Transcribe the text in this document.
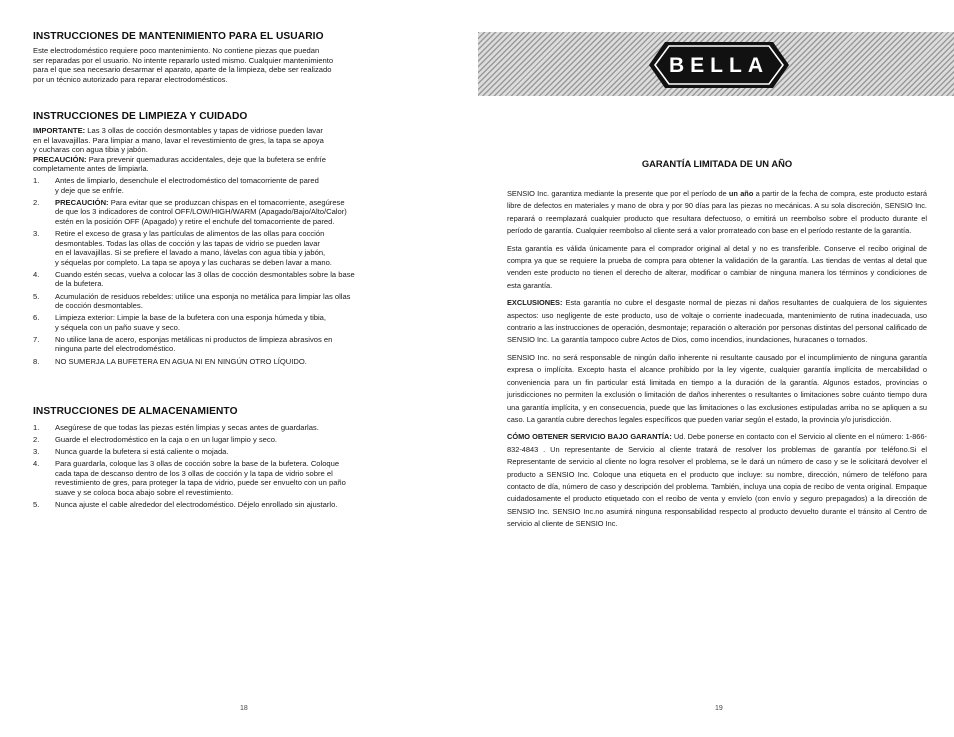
INSTRUCCIONES DE MANTENIMIENTO PARA EL USUARIO

Este electrodoméstico requiere poco mantenimiento. No contiene piezas que puedan

ser reparadas por el usuario. No intente repararlo usted mismo. Cualquier mantenimiento

para el que sea necesario desarmar el aparato, aparte de la limpieza, debe ser realizado

por un técnico autorizado para reparar electrodomésticos.

INSTRUCCIONES DE LIMPIEZA Y CUIDADO

IMPORTANTE: Las 3 ollas de cocción desmontables y tapas de vidriose pueden lavar

en el lavavajillas. Para limpiar a mano, lavar el revestimiento de gres, la tapa se apoya

y cucharas con agua tibia y jabón.

PRECAUCIÓN: Para prevenir quemaduras accidentales, deje que la bufetera se enfríe

completamente antes de limpiarla.

1. Antes de limpiarlo, desenchule el electrodoméstico del tomacorriente de pared
y deje que se enfríe.
2. PRECAUCIÓN: Para evitar que se produzcan chispas en el tomacorriente, asegúrese
de que los 3 indicadores de control OFF/LOW/HIGH/WARM (Apagado/Bajo/Alto/Calor)
estén en la posición OFF (Apagado) y retire el enchufe del tomacorriente de pared.
3. Retire el exceso de grasa y las partículas de alimentos de las ollas para cocción
desmontables. Todas las ollas de cocción y las tapas de vidrio se pueden lavar
en el lavavajillas. Si se prefiere el lavado a mano, lávelas con agua tibia y jabón,
y séquelas por completo. La tapa se apoya y las cucharas se deben lavar a mano.
4. Cuando estén secas, vuelva a colocar las 3 ollas de cocción desmontables sobre la base
de la bufetera.
5. Acumulación de residuos rebeldes: utilice una esponja no metálica para limpiar las ollas
de cocción desmontables.
6. Limpieza exterior: Limpie la base de la bufetera con una esponja húmeda y tibia,
y séquela con un paño suave y seco.
7. No utilice lana de acero, esponjas metálicas ni productos de limpieza abrasivos en
ninguna parte del electrodoméstico.
8. NO SUMERJA LA BUFETERA EN AGUA NI EN NINGÚN OTRO LÍQUIDO.
INSTRUCCIONES DE ALMACENAMIENTO
1. Asegúrese de que todas las piezas estén limpias y secas antes de guardarlas.
2. Guarde el electrodoméstico en la caja o en un lugar limpio y seco.
3. Nunca guarde la bufetera si está caliente o mojada.
4. Para guardarla, coloque las 3 ollas de cocción sobre la base de la bufetera. Coloque
cada tapa de descanso dentro de los 3 ollas de cocción y la tapa de vidrio sobre el
revestimiento de gres, para proteger la tapa de vidrio, puede ser envuelto con un paño
suave y se coloca boca abajo sobre el revestimiento.
5. Nunca ajuste el cable alrededor del electrodoméstico. Déjelo enrollado sin ajustarlo.
18
BELLA
GARANTÍA LIMITADA DE UN AÑO

SENSIO Inc. garantiza mediante la presente que por el período de un año a partir de la fecha de compra, este producto estará libre de defectos en materiales y mano de obra y por 90 días para las piezas no mecánicas. A su sola discreción, SENSIO Inc. reparará o reemplazará cualquier producto que resultara defectuoso, o emitirá un reembolso sobre el producto durante el período de garantía. Cualquier reembolso al cliente será a valor prorrateado con base en el período restante de la garantía.

Esta garantía es válida únicamente para el comprador original al detal y no es transferible. Conserve el recibo original de compra ya que se requiere la prueba de compra para obtener la validación de la garantía. Las tiendas de ventas al detal que venden este producto no tienen el derecho de alterar, modificar o cambiar de ninguna manera los términos y condiciones de esta garantía.

EXCLUSIONES: Esta garantía no cubre el desgaste normal de piezas ni daños resultantes de cualquiera de los siguientes aspectos: uso negligente de este producto, uso de voltaje o corriente inadecuada, mantenimiento de rutina inadecuada, uso contrario a las instrucciones de operación, desmontaje; reparación o alteración por personas distintas del personal calificado de SENSIO Inc. La garantía tampoco cubre Actos de Dios, como incendios, inundaciones, huracanes o tornados.

SENSIO Inc. no será responsable de ningún daño inherente ni resultante causado por el incumplimiento de ninguna garantía expresa o implícita. Excepto hasta el alcance prohibido por la ley vigente, cualquier garantía implícita de mercabilidad o conveniencia para un fin particular está limitada en tiempo a la duración de la garantía. Algunos estados, provincias o jurisdicciones no permiten la exclusión o limitación de daños inherentes o resultantes o limitaciones sobre cuánto tiempo dura una garantía implícita, y en consecuencia, puede que las limitaciones o las exclusiones estipuladas arriba no se apliquen a su caso. La garantía cubre derechos legales específicos que pueden variar según el estado, la provincia y/o jurisdicción.

CÓMO OBTENER SERVICIO BAJO GARANTÍA: Ud. Debe ponerse en contacto con el Servicio al cliente en el número: 1-866-832-4843 . Un representante de Servicio al cliente tratará de resolver los problemas de garantía por teléfono.Si el Representante de servicio al cliente no logra resolver el problema, se le dará un número de caso y se le solicitará devolver el producto a SENSIO Inc. Coloque una etiqueta en el producto que incluye: su nombre, dirección, número de teléfono para contacto de día, número de caso y descripción del problema. También, incluya una copia de recibo de venta original. Empaque cuidadosamente el producto etiquetado con el recibo de venta y envíelo (con envío y seguro prepagados) a la dirección de SENSIO Inc. SENSIO Inc.no asumirá ninguna responsabilidad respecto al producto devuelto durante el tránsito al Centro de servicio al cliente de SENSIO Inc.

19
